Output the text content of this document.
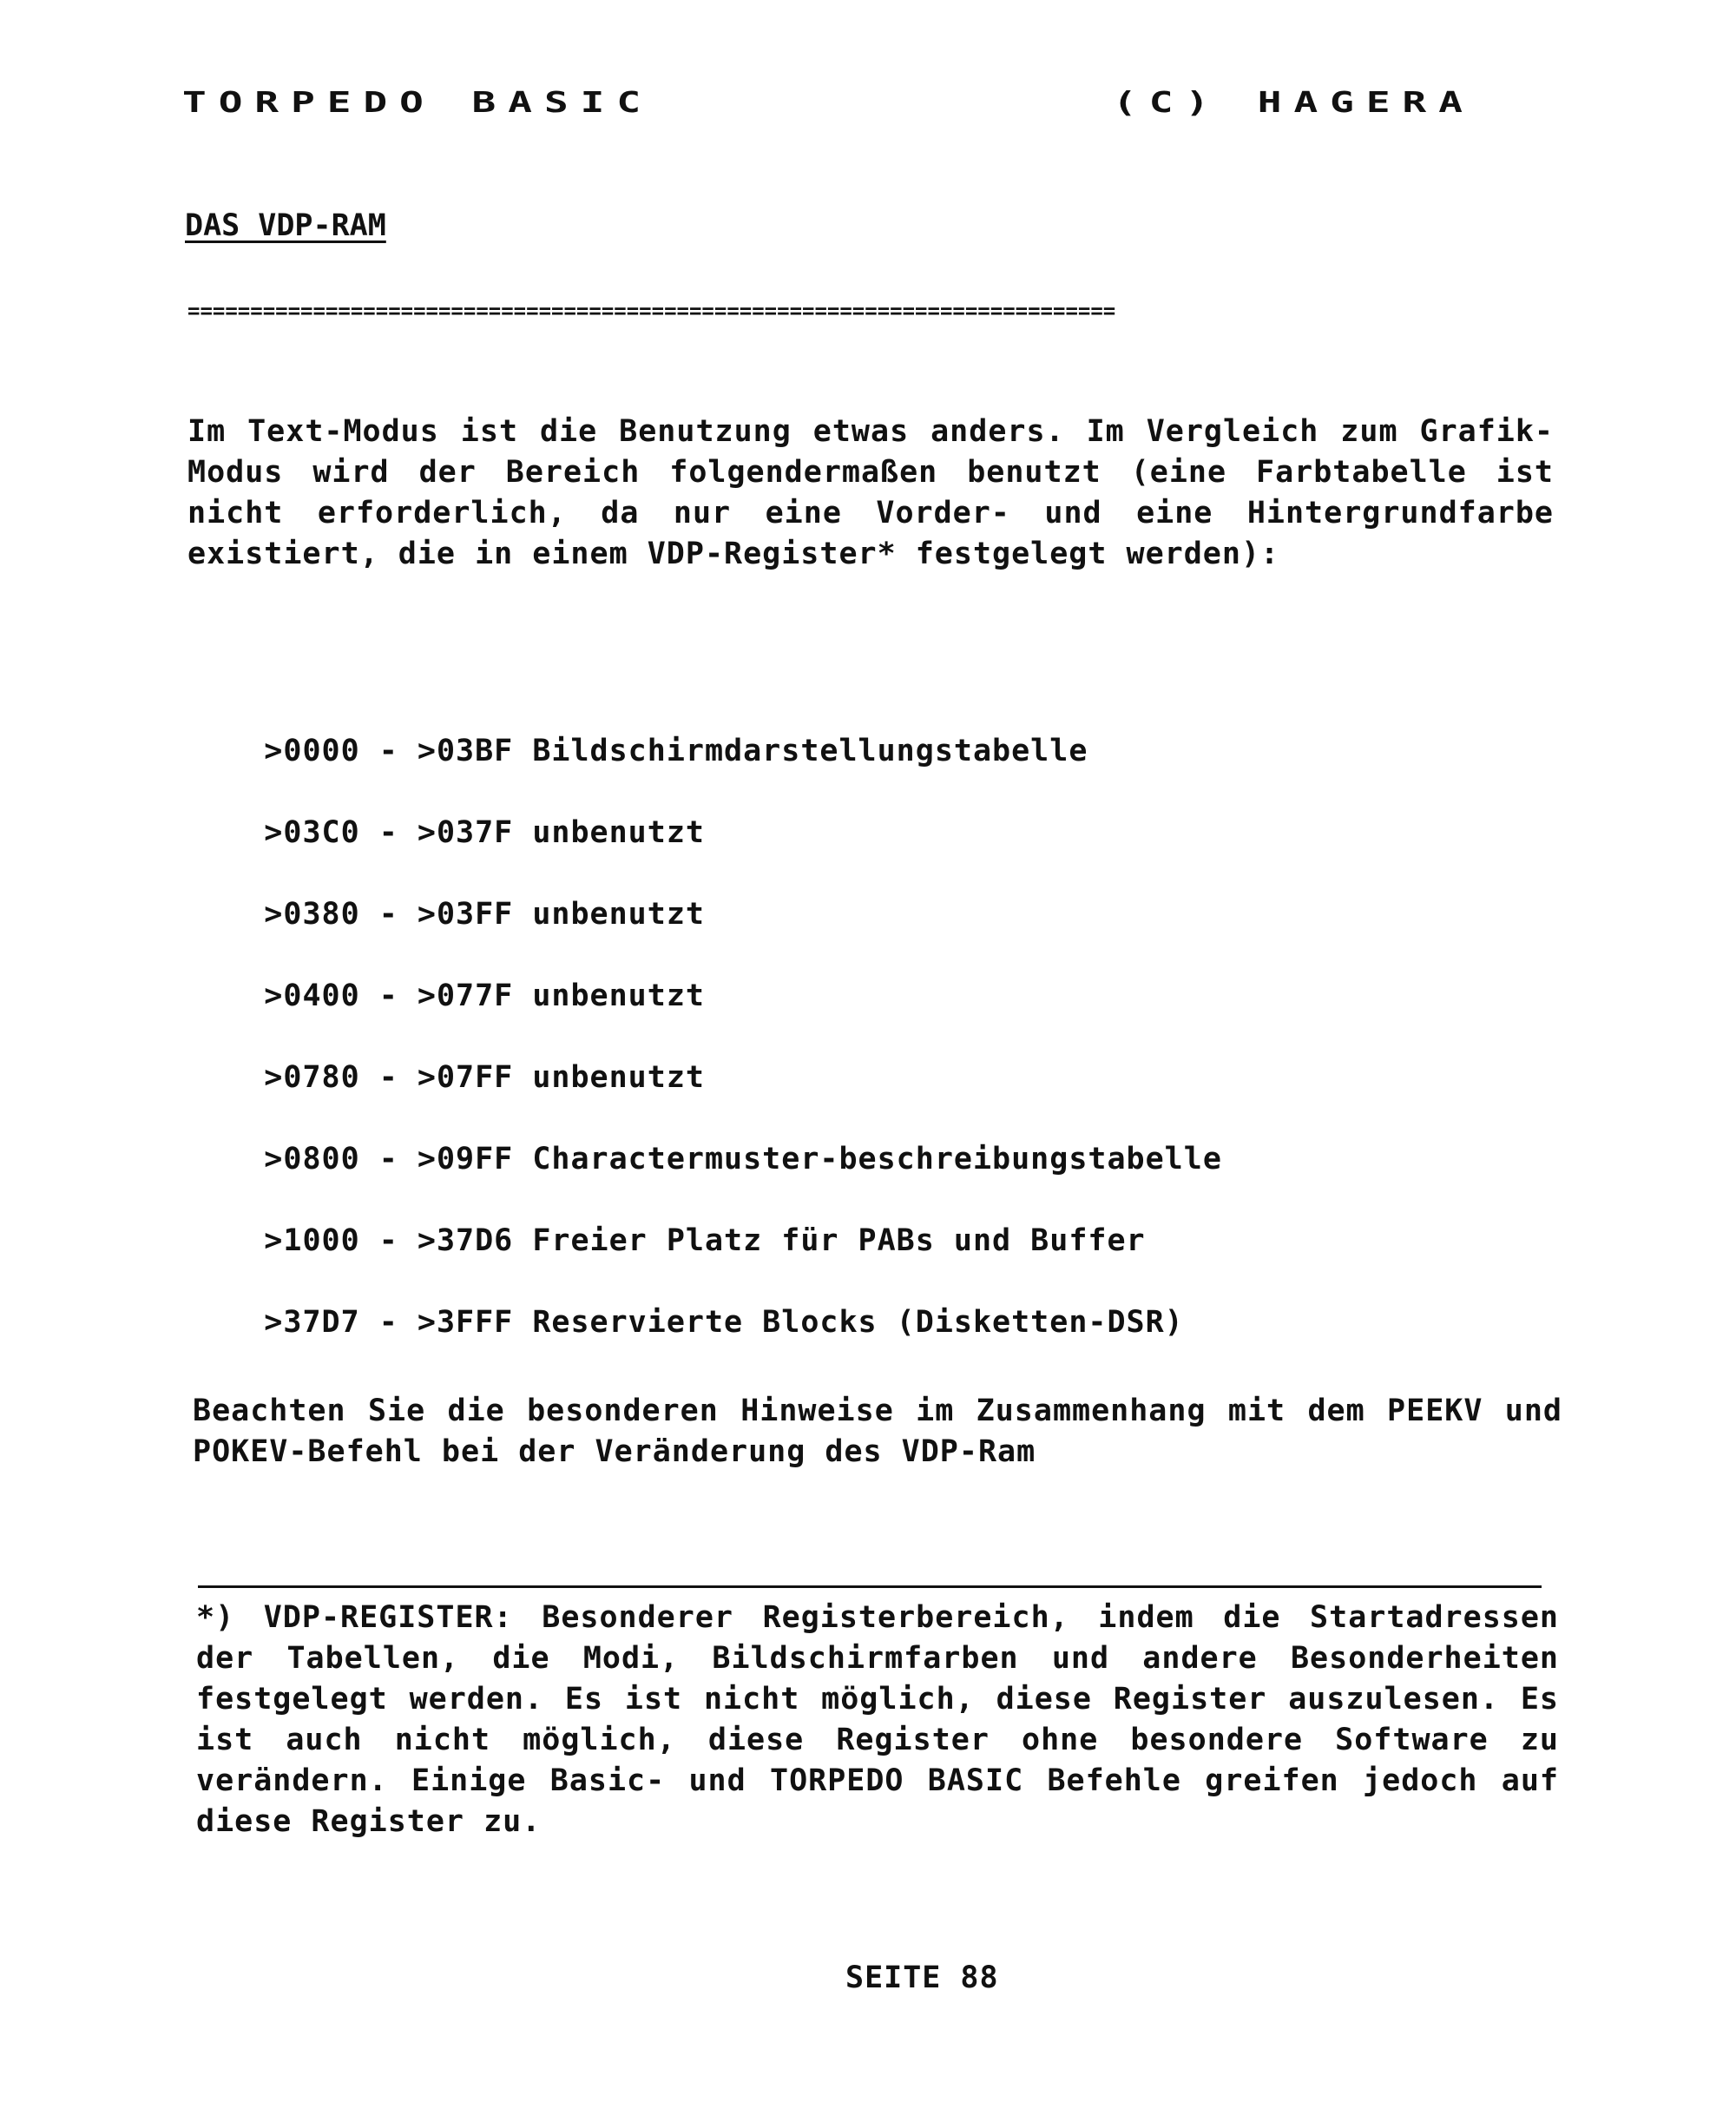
TORPEDO BASIC	(C) HAGERA
DAS VDP-RAM
==========================================================================
Im Text-Modus ist die Benutzung etwas anders. Im Vergleich zum Grafik-Modus wird der Bereich folgendermaßen benutzt (eine Farbtabelle ist nicht erforderlich, da nur eine Vorder- und eine Hintergrundfarbe existiert, die in einem VDP-Register* festgelegt werden):

>0000 - >03BF Bildschirmdarstellungstabelle

>03C0 - >037F unbenutzt

>0380 - >03FF unbenutzt

>0400 - >077F unbenutzt

>0780 - >07FF unbenutzt

>0800 - >09FF Charactermuster-beschreibungstabelle

>1000 - >37D6 Freier Platz für PABs und Buffer

>37D7 - >3FFF Reservierte Blocks (Disketten-DSR)

Beachten Sie die besonderen Hinweise im Zusammenhang mit dem PEEKV und POKEV-Befehl bei der Veränderung des VDP-Ram
*) VDP-REGISTER: Besonderer Registerbereich, indem die Startadressen der Tabellen, die Modi, Bildschirmfarben und andere Besonderheiten festgelegt werden. Es ist nicht möglich, diese Register auszulesen. Es ist auch nicht möglich, diese Register ohne besondere Software zu verändern. Einige Basic- und TORPEDO BASIC Befehle greifen jedoch auf diese Register zu.
SEITE 88
